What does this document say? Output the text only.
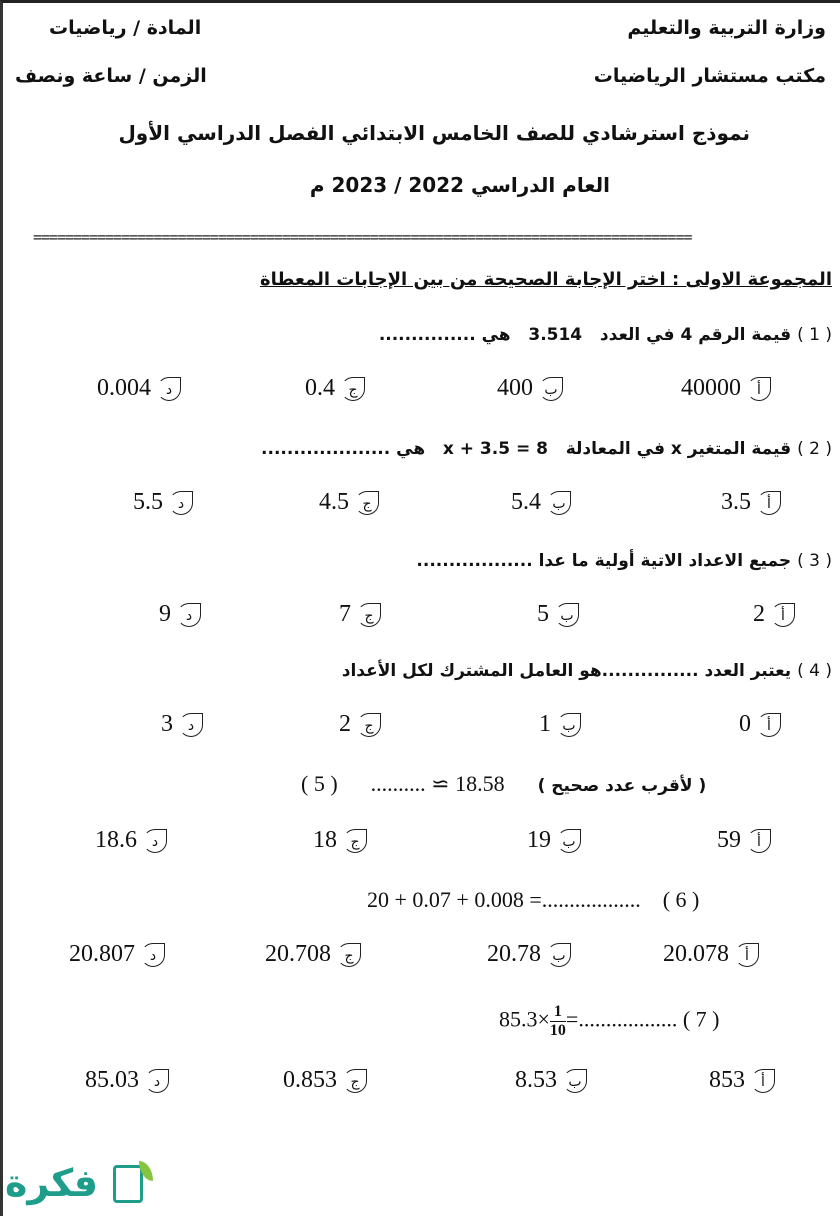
وزارة التربية والتعليم
مكتب مستشار الرياضيات
المادة / رياضيات
الزمن / ساعة ونصف
نموذج استرشادي للصف الخامس الابتدائي الفصل الدراسي الأول
العام الدراسي 2022 / 2023 م
==================================================================================
المجموعة الاولى : اختر الإجابة الصحيحة من بين الإجابات المعطاة
( 1 ) قيمة الرقم 4 في العدد   3.514   هي ...............
40000 أ
400 ب
0.4 ج
0.004 د
( 2 ) قيمة المتغير x في المعادلة   x + 3.5 = 8   هي ....................
3.5 أ
5.4 ب
4.5 ج
5.5 د
( 3 ) جميع الاعداد الاتية أولية ما عدا ..................
2 أ
5 ب
7 ج
9 د
( 4 ) يعتبر العدد ...............هو العامل المشترك لكل الأعداد
0 أ
1 ب
2 ج
3 د
( لأقرب عدد صحيح )      18.58 ≃ ..........      ( 5 )
59 أ
19 ب
18 ج
18.6 د
20 + 0.07 + 0.008 =.................. ( 6 )
20.078 أ
20.78 ب
20.708 ج
20.807 د
$85.3\times \frac{1}{10}$ =.................. ( 7 )
853 أ
8.53 ب
0.853 ج
85.03 د
فكرة
